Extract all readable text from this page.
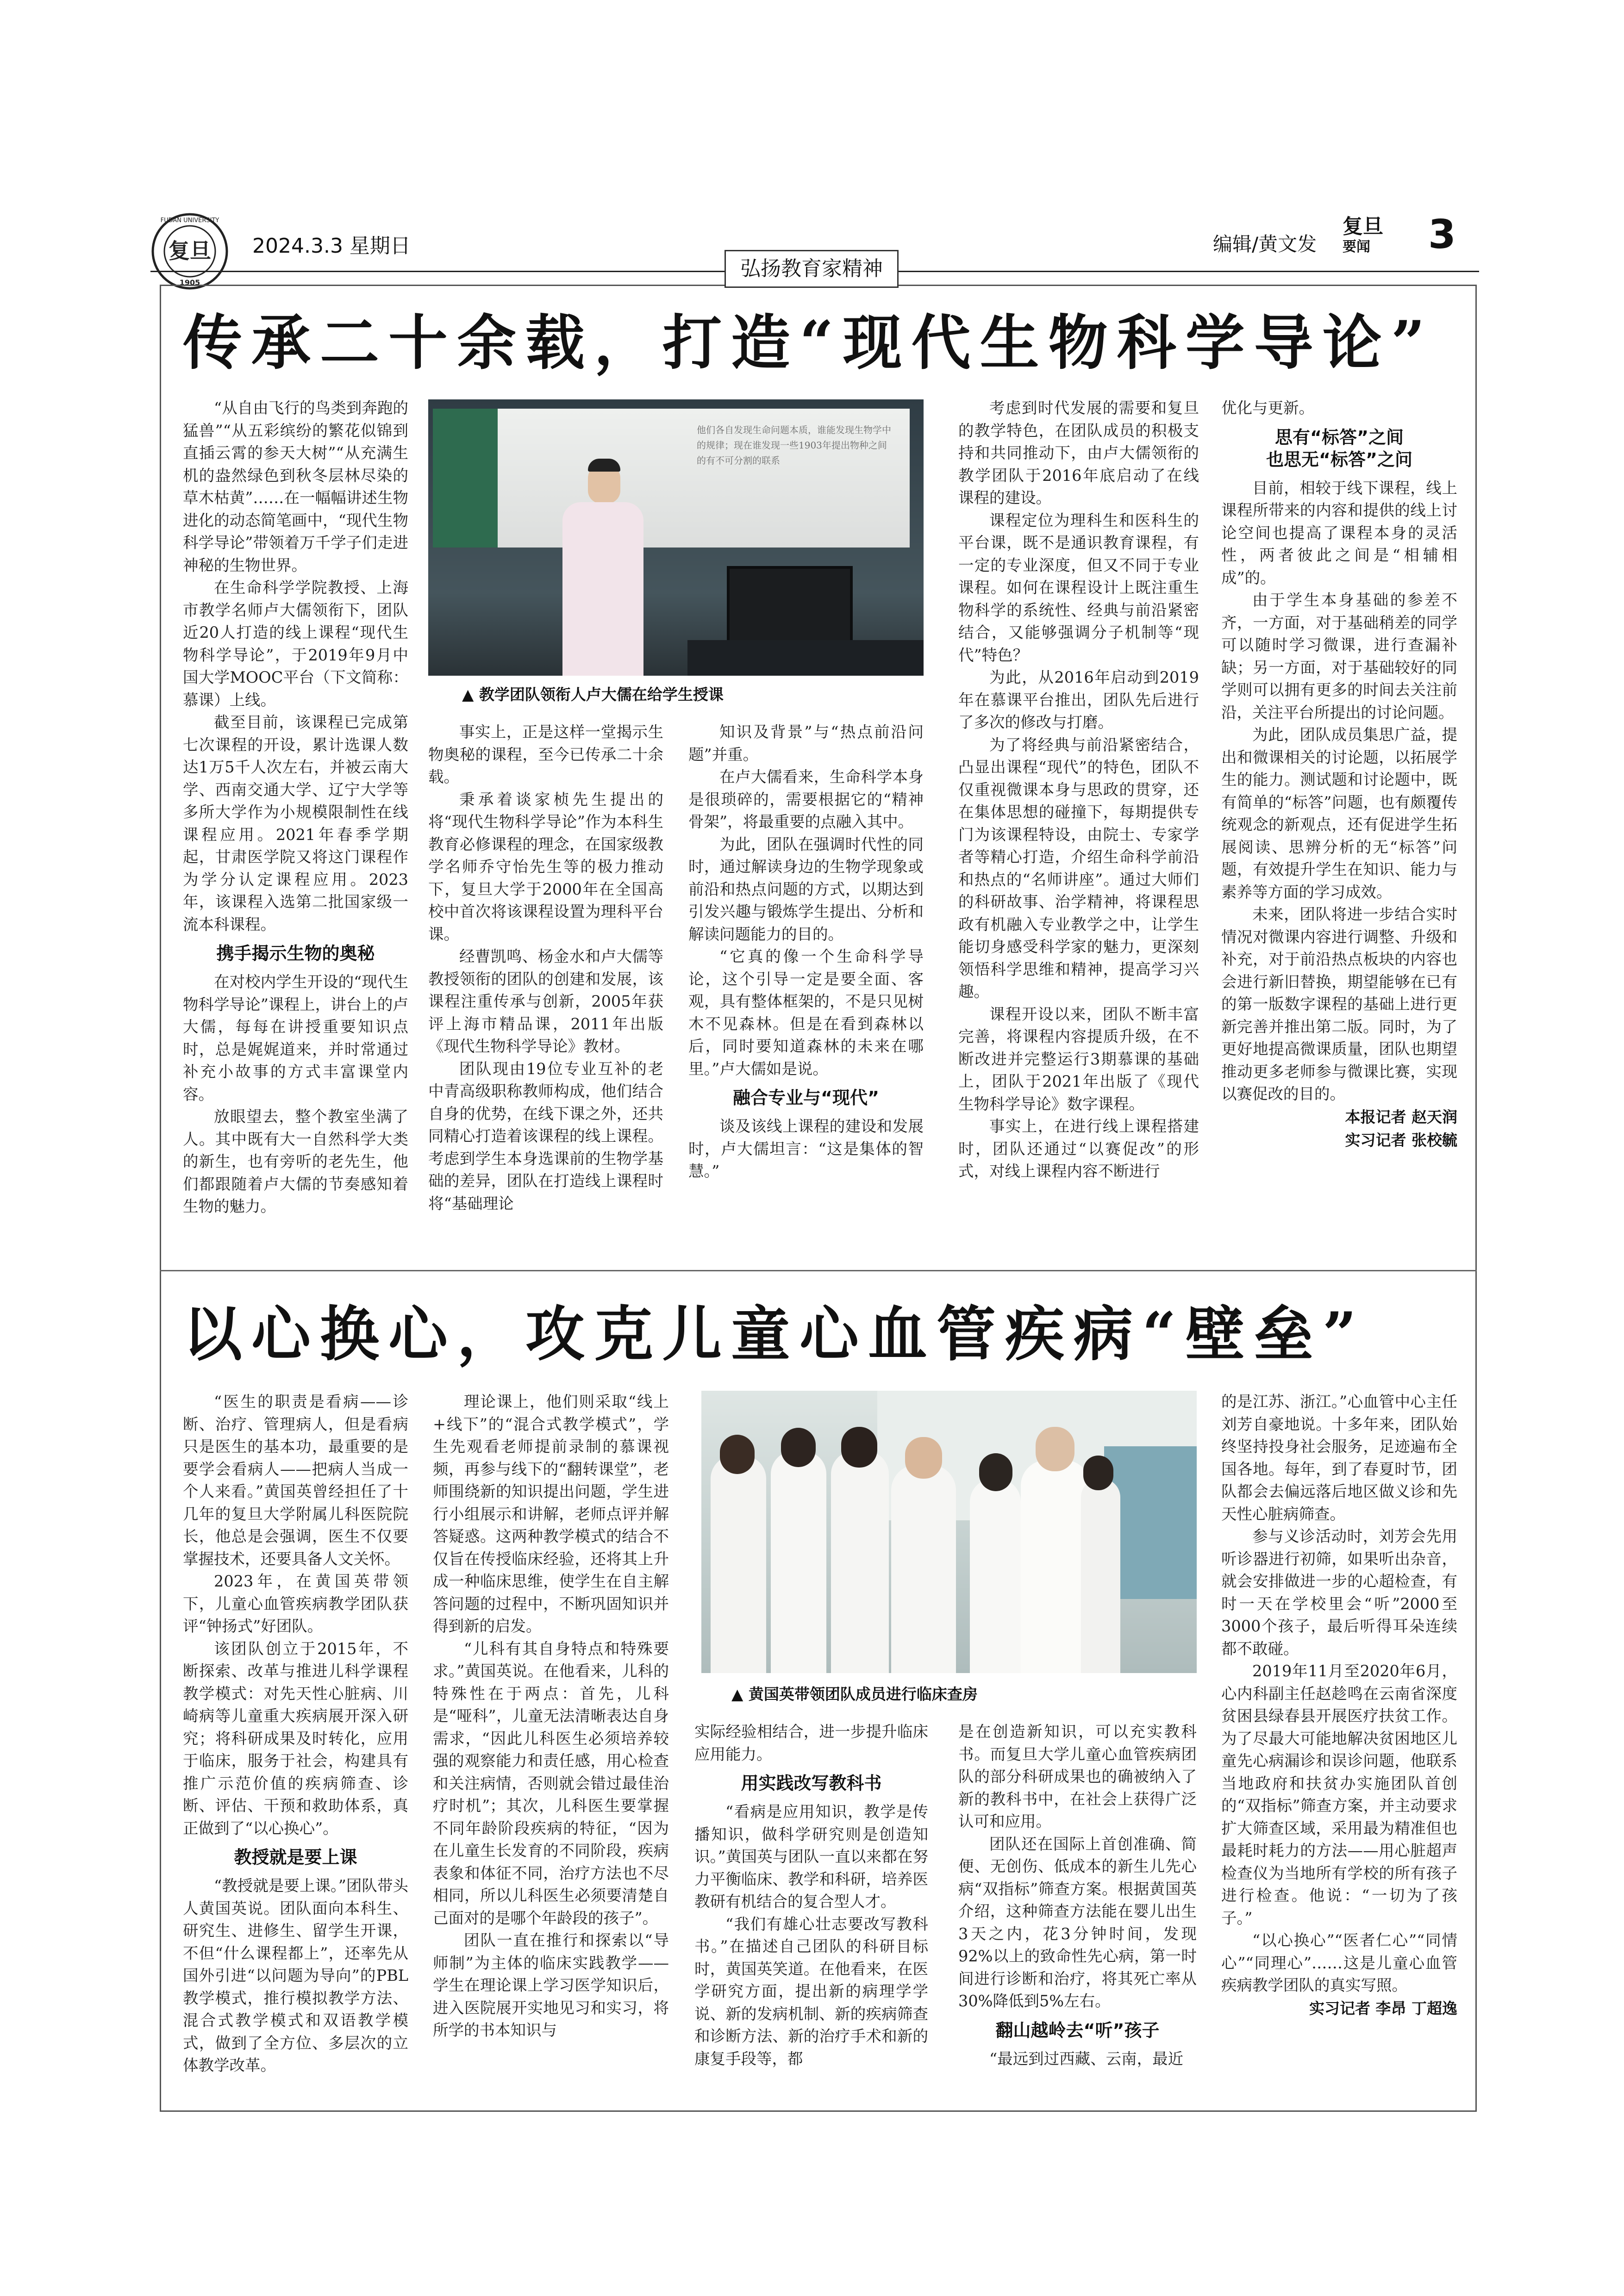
复旦
FUDAN UNIVERSITY
1905
2024.3.3 星期日	编辑/黄文发
复旦
要闻	3
弘扬教育家精神
传承二十余载，打造“现代生物科学导论”
他们各自发现生命问题本质，谁能发现生物学中的规律；现在谁发现一些1903年提出物种之间的有不可分割的联系
▲ 教学团队领衔人卢大儒在给学生授课

“从自由飞行的鸟类到奔跑的猛兽”“从五彩缤纷的繁花似锦到直插云霄的参天大树”“从充满生机的盎然绿色到秋冬层林尽染的草木枯黄”……在一幅幅讲述生物进化的动态简笔画中，“现代生物科学导论”带领着万千学子们走进神秘的生物世界。

在生命科学学院教授、上海市教学名师卢大儒领衔下，团队近20人打造的线上课程“现代生物科学导论”，于2019年9月中国大学MOOC平台（下文简称：慕课）上线。

截至目前，该课程已完成第七次课程的开设，累计选课人数达1万5千人次左右，并被云南大学、西南交通大学、辽宁大学等多所大学作为小规模限制性在线课程应用。2021年春季学期起，甘肃医学院又将这门课程作为学分认定课程应用。2023年，该课程入选第二批国家级一流本科课程。

携手揭示生物的奥秘

在对校内学生开设的“现代生物科学导论”课程上，讲台上的卢大儒，每每在讲授重要知识点时，总是娓娓道来，并时常通过补充小故事的方式丰富课堂内容。

放眼望去，整个教室坐满了人。其中既有大一自然科学大类的新生，也有旁听的老先生，他们都跟随着卢大儒的节奏感知着生物的魅力。

事实上，正是这样一堂揭示生物奥秘的课程，至今已传承二十余载。

秉承着谈家桢先生提出的将“现代生物科学导论”作为本科生教育必修课程的理念，在国家级教学名师乔守怡先生等的极力推动下，复旦大学于2000年在全国高校中首次将该课程设置为理科平台课。

经曹凯鸣、杨金水和卢大儒等教授领衔的团队的创建和发展，该课程注重传承与创新，2005年获评上海市精品课，2011年出版《现代生物科学导论》教材。

团队现由19位专业互补的老中青高级职称教师构成，他们结合自身的优势，在线下课之外，还共同精心打造着该课程的线上课程。考虑到学生本身选课前的生物学基础的差异，团队在打造线上课程时将“基础理论

知识及背景”与“热点前沿问题”并重。

在卢大儒看来，生命科学本身是很琐碎的，需要根据它的“精神骨架”，将最重要的点融入其中。

为此，团队在强调时代性的同时，通过解读身边的生物学现象或前沿和热点问题的方式，以期达到引发兴趣与锻炼学生提出、分析和解读问题能力的目的。

“它真的像一个生命科学导论，这个引导一定是要全面、客观，具有整体框架的，不是只见树木不见森林。但是在看到森林以后，同时要知道森林的未来在哪里。”卢大儒如是说。

融合专业与“现代”

谈及该线上课程的建设和发展时，卢大儒坦言：“这是集体的智慧。”

考虑到时代发展的需要和复旦的教学特色，在团队成员的积极支持和共同推动下，由卢大儒领衔的教学团队于2016年底启动了在线课程的建设。

课程定位为理科生和医科生的平台课，既不是通识教育课程，有一定的专业深度，但又不同于专业课程。如何在课程设计上既注重生物科学的系统性、经典与前沿紧密结合，又能够强调分子机制等“现代”特色？

为此，从2016年启动到2019年在慕课平台推出，团队先后进行了多次的修改与打磨。

为了将经典与前沿紧密结合，凸显出课程“现代”的特色，团队不仅重视微课本身与思政的贯穿，还在集体思想的碰撞下，每期提供专门为该课程特设，由院士、专家学者等精心打造，介绍生命科学前沿和热点的“名师讲座”。通过大师们的科研故事、治学精神，将课程思政有机融入专业教学之中，让学生能切身感受科学家的魅力，更深刻领悟科学思维和精神，提高学习兴趣。

课程开设以来，团队不断丰富完善，将课程内容提质升级，在不断改进并完整运行3期慕课的基础上，团队于2021年出版了《现代生物科学导论》数字课程。

事实上，在进行线上课程搭建时，团队还通过“以赛促改”的形式，对线上课程内容不断进行

优化与更新。

思有“标答”之间

也思无“标答”之问

目前，相较于线下课程，线上课程所带来的内容和提供的线上讨论空间也提高了课程本身的灵活性，两者彼此之间是“相辅相成”的。

由于学生本身基础的参差不齐，一方面，对于基础稍差的同学可以随时学习微课，进行查漏补缺；另一方面，对于基础较好的同学则可以拥有更多的时间去关注前沿，关注平台所提出的讨论问题。

为此，团队成员集思广益，提出和微课相关的讨论题，以拓展学生的能力。测试题和讨论题中，既有简单的“标答”问题，也有颇覆传统观念的新观点，还有促进学生拓展阅读、思辨分析的无“标答”问题，有效提升学生在知识、能力与素养等方面的学习成效。

未来，团队将进一步结合实时情况对微课内容进行调整、升级和补充，对于前沿热点板块的内容也会进行新旧替换，期望能够在已有的第一版数字课程的基础上进行更新完善并推出第二版。同时，为了更好地提高微课质量，团队也期望推动更多老师参与微课比赛，实现以赛促改的目的。

本报记者 赵天润

实习记者 张校毓

以心换心，攻克儿童心血管疾病“壁垒”
▲ 黄国英带领团队成员进行临床查房

“医生的职责是看病——诊断、治疗、管理病人，但是看病只是医生的基本功，最重要的是要学会看病人——把病人当成一个人来看。”黄国英曾经担任了十几年的复旦大学附属儿科医院院长，他总是会强调，医生不仅要掌握技术，还要具备人文关怀。

2023年，在黄国英带领下，儿童心血管疾病教学团队获评“钟扬式”好团队。

该团队创立于2015年，不断探索、改革与推进儿科学课程教学模式：对先天性心脏病、川崎病等儿童重大疾病展开深入研究；将科研成果及时转化，应用于临床，服务于社会，构建具有推广示范价值的疾病筛查、诊断、评估、干预和救助体系，真正做到了“以心换心”。

教授就是要上课

“教授就是要上课。”团队带头人黄国英说。团队面向本科生、研究生、进修生、留学生开课，不但“什么课程都上”，还率先从国外引进“以问题为导向”的PBL教学模式，推行模拟教学方法、混合式教学模式和双语教学模式，做到了全方位、多层次的立体教学改革。

理论课上，他们则采取“线上+线下”的“混合式教学模式”，学生先观看老师提前录制的慕课视频，再参与线下的“翻转课堂”，老师围绕新的知识提出问题，学生进行小组展示和讲解，老师点评并解答疑惑。这两种教学模式的结合不仅旨在传授临床经验，还将其上升成一种临床思维，使学生在自主解答问题的过程中，不断巩固知识并得到新的启发。

“儿科有其自身特点和特殊要求。”黄国英说。在他看来，儿科的特殊性在于两点：首先，儿科是“哑科”，儿童无法清晰表达自身需求，“因此儿科医生必须培养较强的观察能力和责任感，用心检查和关注病情，否则就会错过最佳治疗时机”；其次，儿科医生要掌握不同年龄阶段疾病的特征，“因为在儿童生长发育的不同阶段，疾病表象和体征不同，治疗方法也不尽相同，所以儿科医生必须要清楚自己面对的是哪个年龄段的孩子”。

团队一直在推行和探索以“导师制”为主体的临床实践教学——学生在理论课上学习医学知识后，进入医院展开实地见习和实习，将所学的书本知识与

实际经验相结合，进一步提升临床应用能力。

用实践改写教科书

“看病是应用知识，教学是传播知识，做科学研究则是创造知识。”黄国英与团队一直以来都在努力平衡临床、教学和科研，培养医教研有机结合的复合型人才。

“我们有雄心壮志要改写教科书。”在描述自己团队的科研目标时，黄国英笑道。在他看来，在医学研究方面，提出新的病理学学说、新的发病机制、新的疾病筛查和诊断方法、新的治疗手术和新的康复手段等，都

是在创造新知识，可以充实教科书。而复旦大学儿童心血管疾病团队的部分科研成果也的确被纳入了新的教科书中，在社会上获得广泛认可和应用。

团队还在国际上首创准确、简便、无创伤、低成本的新生儿先心病“双指标”筛查方案。根据黄国英介绍，这种筛查方法能在婴儿出生3天之内，花3分钟时间，发现92%以上的致命性先心病，第一时间进行诊断和治疗，将其死亡率从30%降低到5%左右。

翻山越岭去“听”孩子

“最远到过西藏、云南，最近

的是江苏、浙江。”心血管中心主任刘芳自豪地说。十多年来，团队始终坚持投身社会服务，足迹遍布全国各地。每年，到了春夏时节，团队都会去偏远落后地区做义诊和先天性心脏病筛查。

参与义诊活动时，刘芳会先用听诊器进行初筛，如果听出杂音，就会安排做进一步的心超检查，有时一天在学校里会“听”2000至3000个孩子，最后听得耳朵连续都不敢碰。

2019年11月至2020年6月，心内科副主任赵趁鸣在云南省深度贫困县绿春县开展医疗扶贫工作。为了尽最大可能地解决贫困地区儿童先心病漏诊和误诊问题，他联系当地政府和扶贫办实施团队首创的“双指标”筛查方案，并主动要求扩大筛查区域，采用最为精准但也最耗时耗力的方法——用心脏超声检查仪为当地所有学校的所有孩子进行检查。他说：“一切为了孩子。”

“以心换心”“医者仁心”“同情心”“同理心”……这是儿童心血管疾病教学团队的真实写照。

实习记者 李昂 丁超逸
